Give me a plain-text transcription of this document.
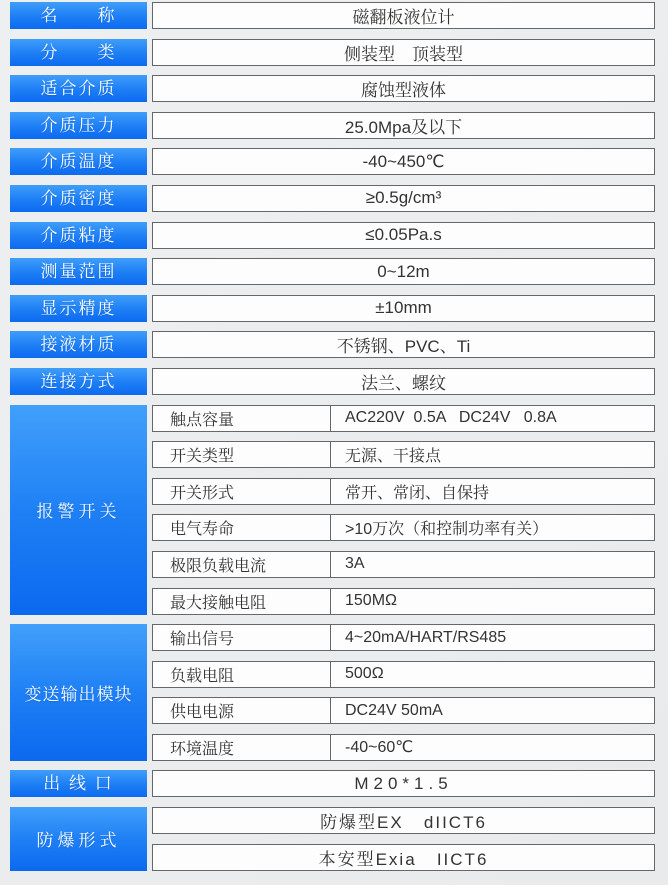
名　　称	磁翻板液位计
分　　类	侧装型　顶装型
适合介质	腐蚀型液体
介质压力	25.0Mpa及以下
介质温度	-40~450℃
介质密度	≥0.5g/cm³
介质粘度	≤0.05Pa.s
测量范围	0~12m
显示精度	±10mm
接液材质	不锈钢、PVC、Ti
连接方式	法兰、螺纹
报警开关
触点容量	AC220V  0.5A   DC24V   0.8A
开关类型	无源、干接点
开关形式	常开、常闭、自保持
电气寿命	>10万次（和控制功率有关）
极限负载电流	3A
最大接触电阻	150MΩ
变送输出模块
输出信号	4~20mA/HART/RS485
负载电阻	500Ω
供电电源	DC24V 50mA
环境温度	-40~60℃
出 线 口	M20*1.5
防爆形式
防爆型EX   dIICT6
本安型Exia   IICT6
